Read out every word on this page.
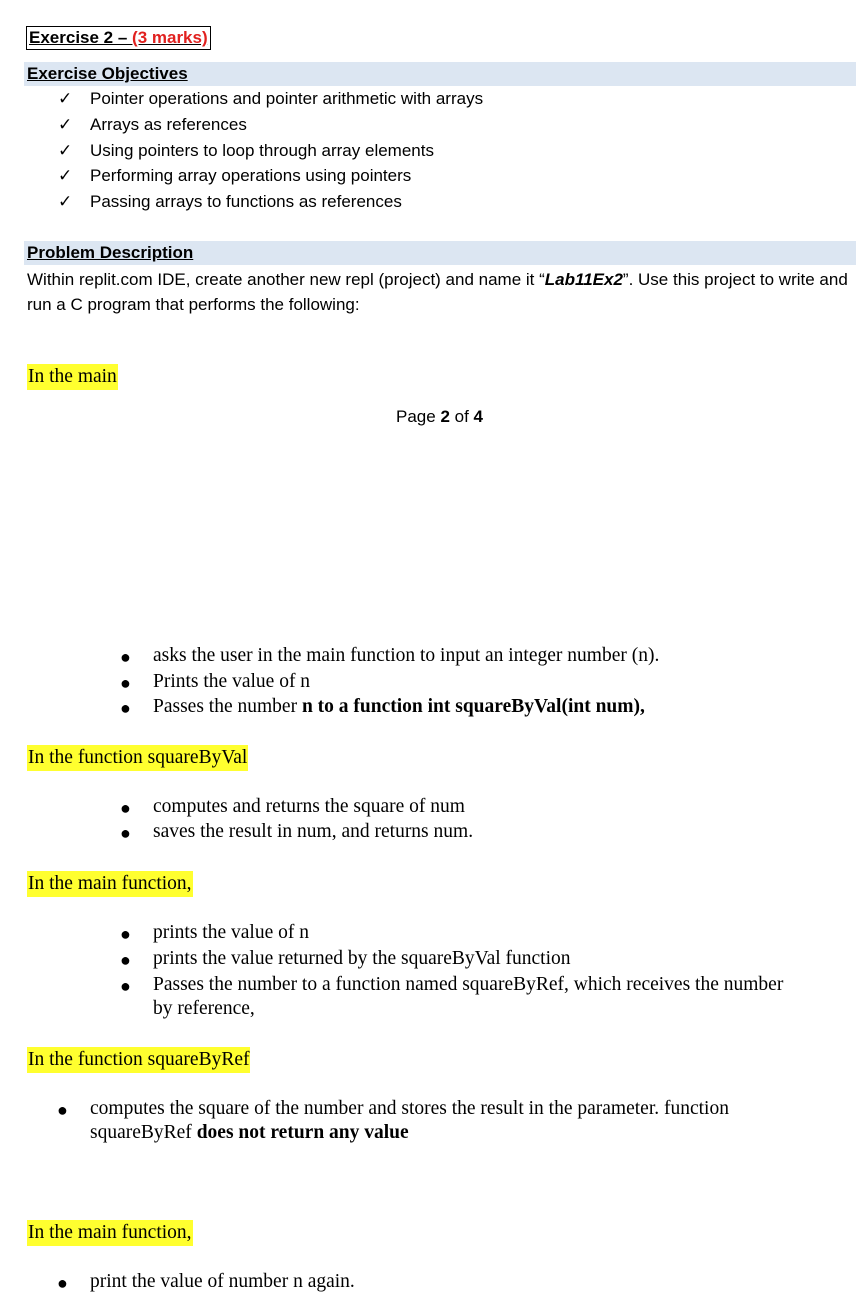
Exercise 2 – (3 marks)
Exercise Objectives
✓ Pointer operations and pointer arithmetic with arrays
✓ Arrays as references
✓ Using pointers to loop through array elements
✓ Performing array operations using pointers
✓ Passing arrays to functions as references
Problem Description
Within replit.com IDE, create another new repl (project) and name it “Lab11Ex2”. Use this project to write and run a C program that performs the following:
In the main
Page 2 of 4
● asks the user in the main function to input an integer number (n).
● Prints the value of n
● Passes the number n to a function int squareByVal(int num),
In the function squareByVal
● computes and returns the square of num
● saves the result in num, and returns num.
In the main function,
● prints the value of n
● prints the value returned by the squareByVal function
● Passes the number to a function named squareByRef, which receives the number
by reference,
In the function squareByRef
● computes the square of the number and stores the result in the parameter. function
squareByRef does not return any value
In the main function,
● print the value of number n again.
